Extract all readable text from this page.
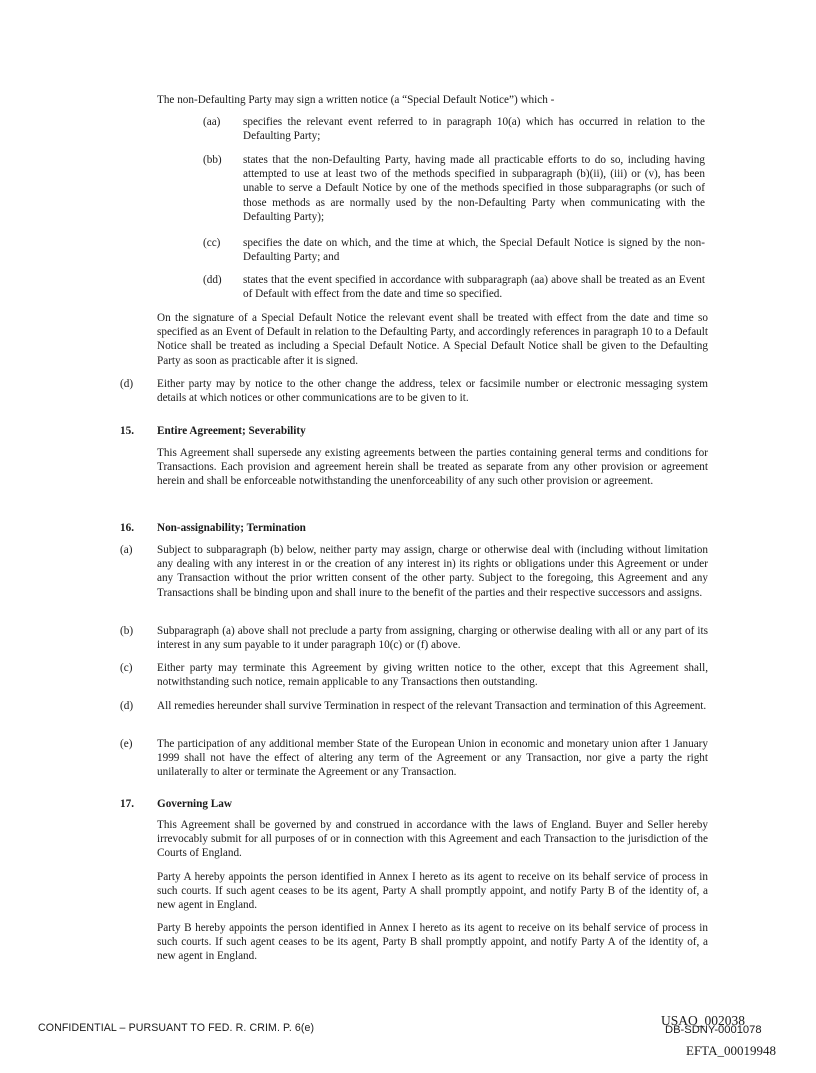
The non-Defaulting Party may sign a written notice (a “Special Default Notice”) which -

(aa) specifies the relevant event referred to in paragraph 10(a) which has occurred in relation to the Defaulting Party;

(bb) states that the non-Defaulting Party, having made all practicable efforts to do so, including having attempted to use at least two of the methods specified in subparagraph (b)(ii), (iii) or (v), has been unable to serve a Default Notice by one of the methods specified in those subparagraphs (or such of those methods as are normally used by the non-Defaulting Party when communicating with the Defaulting Party);

(cc) specifies the date on which, and the time at which, the Special Default Notice is signed by the non-Defaulting Party; and

(dd) states that the event specified in accordance with subparagraph (aa) above shall be treated as an Event of Default with effect from the date and time so specified.

On the signature of a Special Default Notice the relevant event shall be treated with effect from the date and time so specified as an Event of Default in relation to the Defaulting Party, and accordingly references in paragraph 10 to a Default Notice shall be treated as including a Special Default Notice. A Special Default Notice shall be given to the Defaulting Party as soon as practicable after it is signed.

(d) Either party may by notice to the other change the address, telex or facsimile number or electronic messaging system details at which notices or other communications are to be given to it.

15. Entire Agreement; Severability

This Agreement shall supersede any existing agreements between the parties containing general terms and conditions for Transactions. Each provision and agreement herein shall be treated as separate from any other provision or agreement herein and shall be enforceable notwithstanding the unenforceability of any such other provision or agreement.

16. Non-assignability; Termination
(a) Subject to subparagraph (b) below, neither party may assign, charge or otherwise deal with (including without limitation any dealing with any interest in or the creation of any interest in) its rights or obligations under this Agreement or under any Transaction without the prior written consent of the other party. Subject to the foregoing, this Agreement and any Transactions shall be binding upon and shall inure to the benefit of the parties and their respective successors and assigns.

(b) Subparagraph (a) above shall not preclude a party from assigning, charging or otherwise dealing with all or any part of its interest in any sum payable to it under paragraph 10(c) or (f) above.

(c) Either party may terminate this Agreement by giving written notice to the other, except that this Agreement shall, notwithstanding such notice, remain applicable to any Transactions then outstanding.

(d) All remedies hereunder shall survive Termination in respect of the relevant Transaction and termination of this Agreement.

(e) The participation of any additional member State of the European Union in economic and monetary union after 1 January 1999 shall not have the effect of altering any term of the Agreement or any Transaction, nor give a party the right unilaterally to alter or terminate the Agreement or any Transaction.

17. Governing Law

This Agreement shall be governed by and construed in accordance with the laws of England. Buyer and Seller hereby irrevocably submit for all purposes of or in connection with this Agreement and each Transaction to the jurisdiction of the Courts of England.

Party A hereby appoints the person identified in Annex I hereto as its agent to receive on its behalf service of process in such courts. If such agent ceases to be its agent, Party A shall promptly appoint, and notify Party B of the identity of, a new agent in England.

Party B hereby appoints the person identified in Annex I hereto as its agent to receive on its behalf service of process in such courts. If such agent ceases to be its agent, Party B shall promptly appoint, and notify Party A of the identity of, a new agent in England.

CONFIDENTIAL – PURSUANT TO FED. R. CRIM. P. 6(e)	USAO_002038
DB-SDNY-0001078
EFTA_00019948
